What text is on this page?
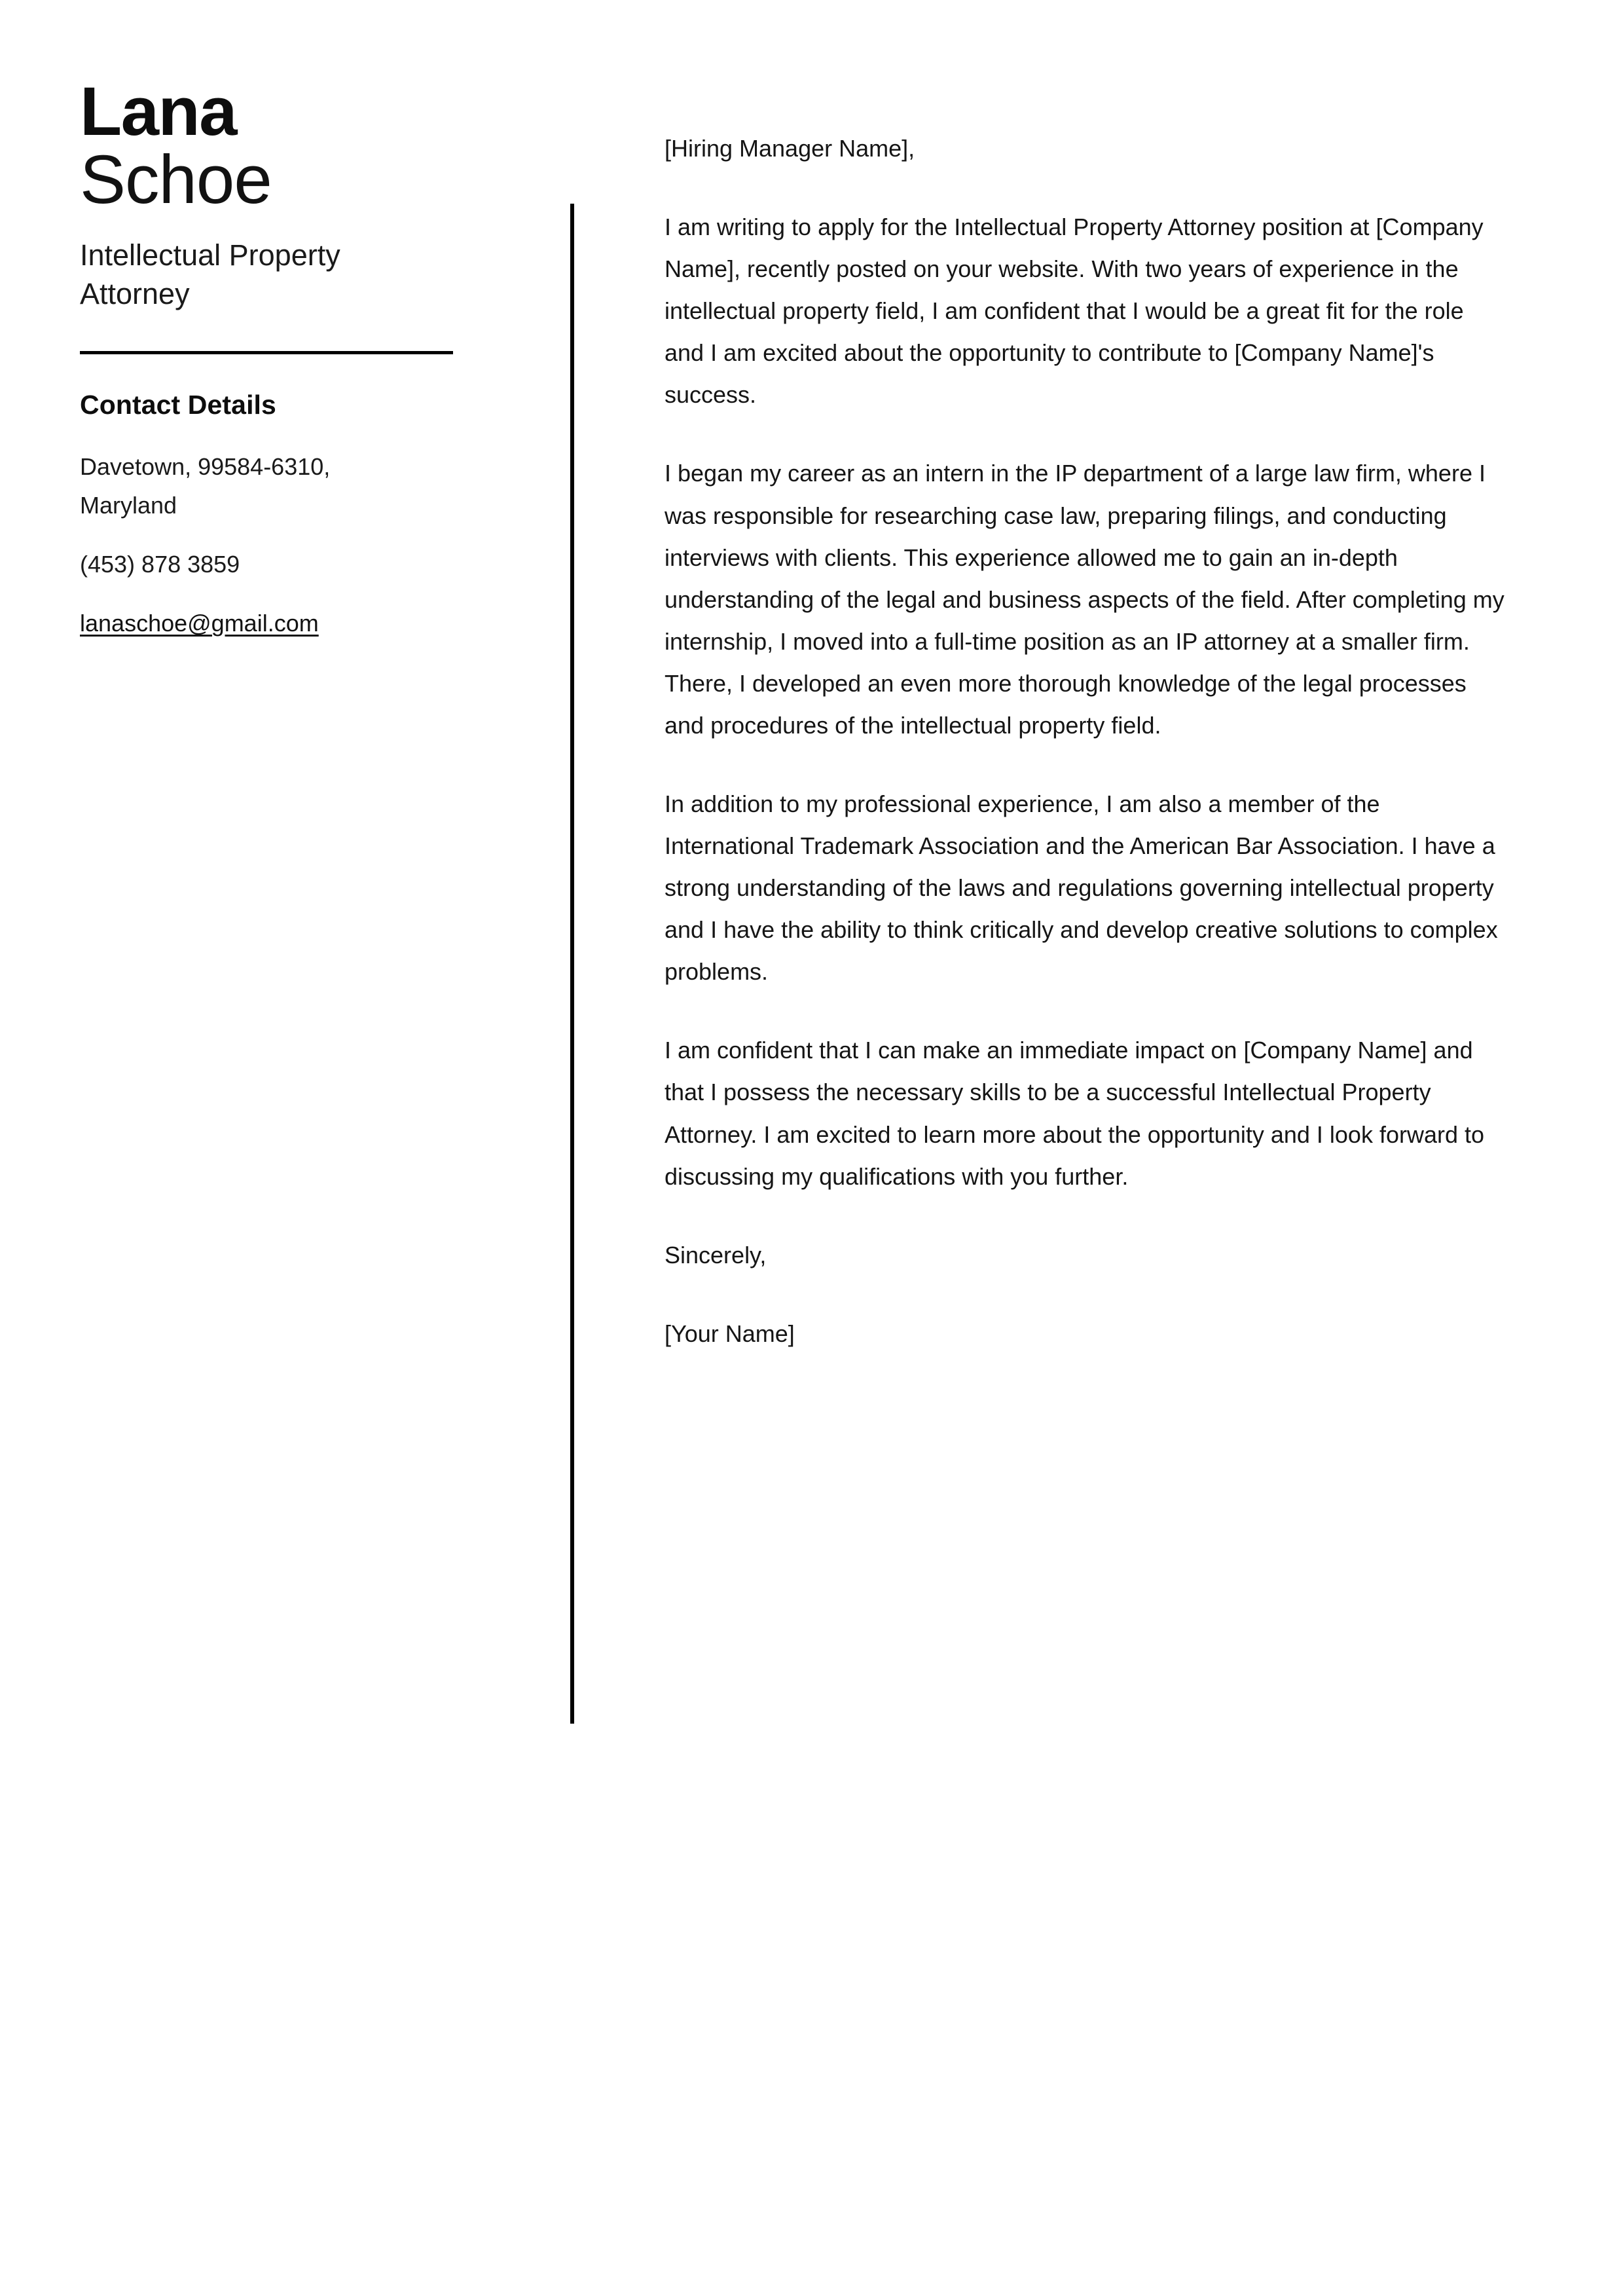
Lana
Schoe
Intellectual Property Attorney
Contact Details
Davetown, 99584-6310, Maryland
(453) 878 3859
lanaschoe@gmail.com

[Hiring Manager Name],

I am writing to apply for the Intellectual Property Attorney position at [Company Name], recently posted on your website. With two years of experience in the intellectual property field, I am confident that I would be a great fit for the role and I am excited about the opportunity to contribute to [Company Name]'s success.

I began my career as an intern in the IP department of a large law firm, where I was responsible for researching case law, preparing filings, and conducting interviews with clients. This experience allowed me to gain an in-depth understanding of the legal and business aspects of the field. After completing my internship, I moved into a full-time position as an IP attorney at a smaller firm. There, I developed an even more thorough knowledge of the legal processes and procedures of the intellectual property field.

In addition to my professional experience, I am also a member of the International Trademark Association and the American Bar Association. I have a strong understanding of the laws and regulations governing intellectual property and I have the ability to think critically and develop creative solutions to complex problems.

I am confident that I can make an immediate impact on [Company Name] and that I possess the necessary skills to be a successful Intellectual Property Attorney. I am excited to learn more about the opportunity and I look forward to discussing my qualifications with you further.

Sincerely,

[Your Name]
